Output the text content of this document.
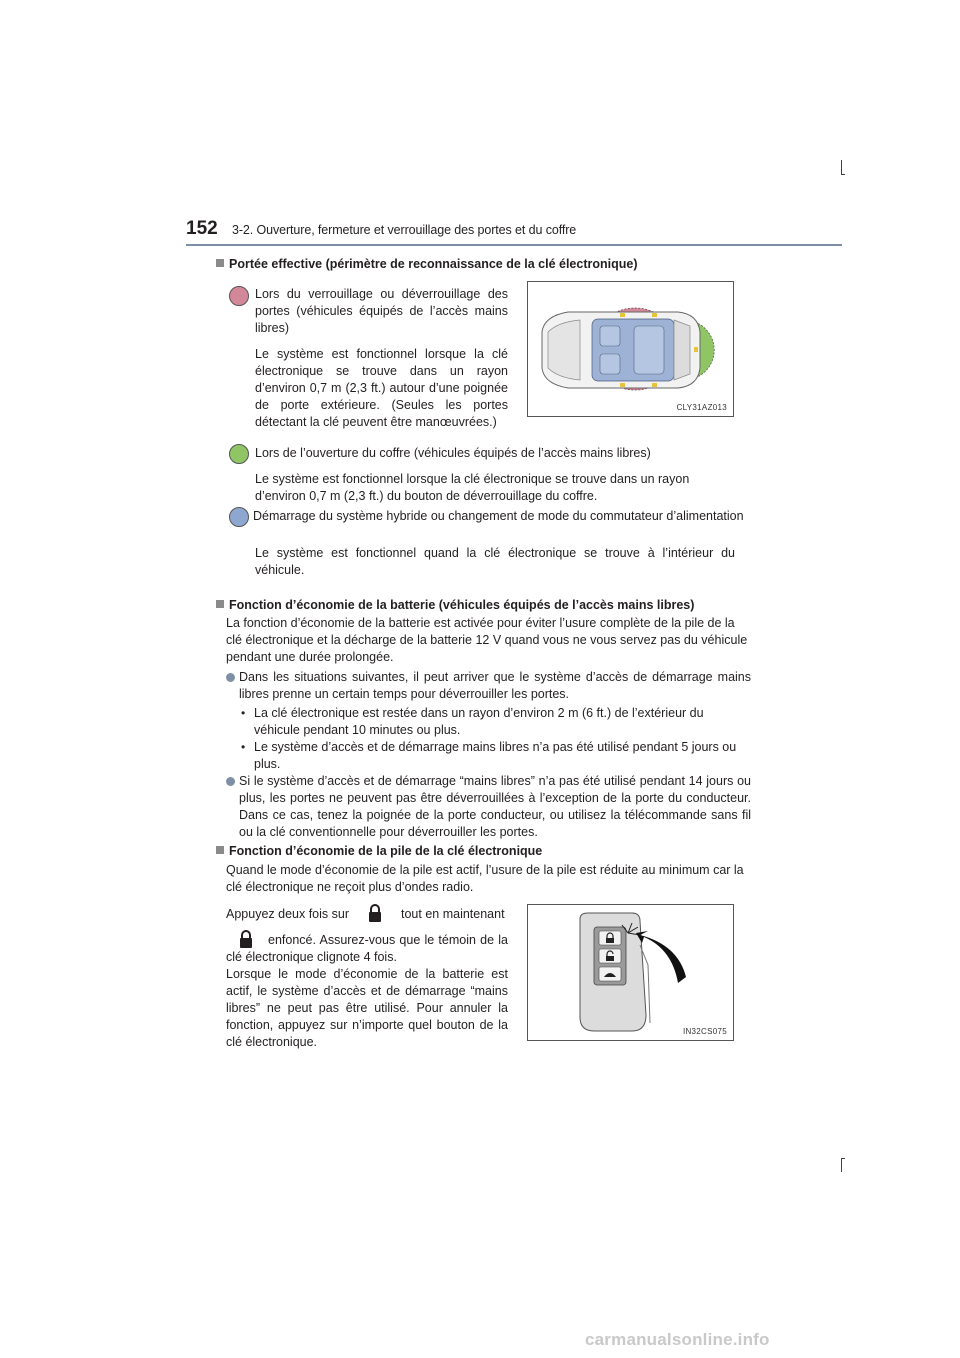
152 3-2. Ouverture, fermeture et verrouillage des portes et du coffre
Portée effective (périmètre de reconnaissance de la clé électronique)
Lors du verrouillage ou déverrouillage des portes (véhicules équipés de l’accès mains libres)
Le système est fonctionnel lorsque la clé électronique se trouve dans un rayon d’environ 0,7 m (2,3 ft.) autour d’une poignée de porte extérieure. (Seules les portes détectant la clé peuvent être manœuvrées.)
CLY31AZ013
Lors de l’ouverture du coffre (véhicules équipés de l’accès mains libres)
Le système est fonctionnel lorsque la clé électronique se trouve dans un rayon d’environ 0,7 m (2,3 ft.) du bouton de déverrouillage du coffre.
Démarrage du système hybride ou changement de mode du commutateur d’alimentation
Le système est fonctionnel quand la clé électronique se trouve à l’intérieur du véhicule.
Fonction d’économie de la batterie (véhicules équipés de l’accès mains libres)
La fonction d’économie de la batterie est activée pour éviter l’usure complète de la pile de la clé électronique et la décharge de la batterie 12 V quand vous ne vous servez pas du véhicule pendant une durée prolongée.
Dans les situations suivantes, il peut arriver que le système d’accès de démarrage mains libres prenne un certain temps pour déverrouiller les portes.
• La clé électronique est restée dans un rayon d’environ 2 m (6 ft.) de l’extérieur du véhicule pendant 10 minutes ou plus.
• Le système d’accès et de démarrage mains libres n’a pas été utilisé pendant 5 jours ou plus.
Si le système d’accès et de démarrage “mains libres” n’a pas été utilisé pendant 14 jours ou plus, les portes ne peuvent pas être déverrouillées à l’exception de la porte du conducteur. Dans ce cas, tenez la poignée de la porte conducteur, ou utilisez la télécommande sans fil ou la clé conventionnelle pour déverrouiller les portes.
Fonction d’économie de la pile de la clé électronique
Quand le mode d’économie de la pile est actif, l’usure de la pile est réduite au minimum car la clé électronique ne reçoit plus d’ondes radio.
Appuyez deux fois sur	tout en maintenant
enfoncé. Assurez-vous que le témoin de la clé électronique clignote 4 fois.
Lorsque le mode d’économie de la batterie est actif, le système d’accès et de démarrage “mains libres” ne peut pas être utilisé. Pour annuler la fonction, appuyez sur n’importe quel bouton de la clé électronique.
IN32CS075
carmanualsonline.info
